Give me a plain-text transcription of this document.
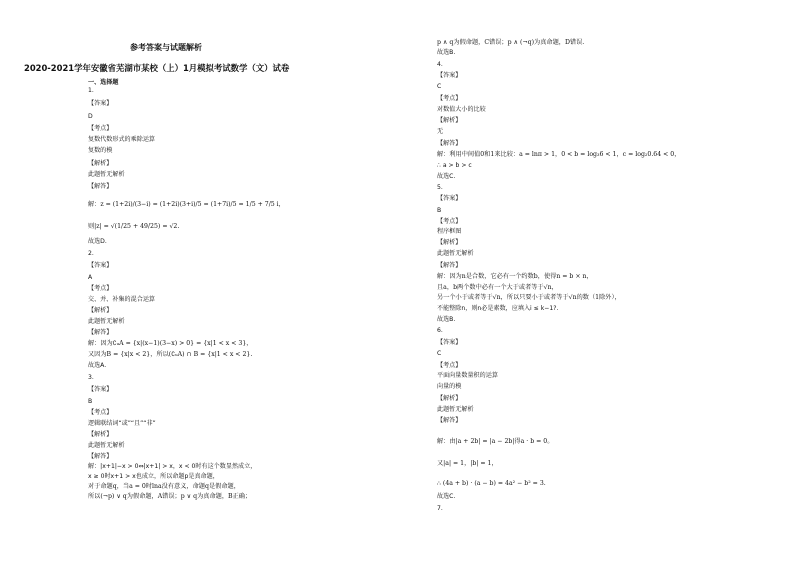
参考答案与试题解析
2020-2021学年安徽省芜湖市某校（上）1月模拟考试数学（文）试卷
一、选择题
1.
【答案】
D
【考点】
复数代数形式的乘除运算
复数的模
【解析】
此题暂无解析
【解答】
解：z = (1+2i)/(3−i) = (1+2i)(3+i)/5 = (1+7i)/5 = 1/5 + 7/5 i，
则|z| = √(1/25 + 49/25) = √2.
故选D.
2.
【答案】
A
【考点】
交、并、补集的混合运算
【解析】
此题暂无解析
【解答】
解：因为∁ᵤA = {x|(x−1)(3−x) > 0} = {x|1 < x < 3}，
又因为B = {x|x < 2}，所以(∁ᵤA) ∩ B = {x|1 < x < 2}.
故选A.
3.
【答案】
B
【考点】
逻辑联结词“或”“且”“非”
【解析】
此题暂无解析
【解答】
解：|x+1|−x > 0⇔|x+1| > x，x < 0时有这个数显然成立，
x ≥ 0时x+1 > x也成立，所以命题p是真命题，
对于命题q，当a = 0时lna没有意义，命题q是假命题，
所以(¬p) ∨ q为假命题，A错误；p ∨ q为真命题，B正确；
p ∧ q为假命题，C错误；p ∧ (¬q)为真命题，D错误.
故选B.
4.
【答案】
C
【考点】
对数值大小的比较
【解析】
无
【解答】
解：利用中间值0和1来比较：a = lnπ > 1，0 < b = log₃6 < 1，c = log₂0.64 < 0，
∴ a > b > c
故选C.
5.
【答案】
B
【考点】
程序框图
【解析】
此题暂无解析
【解答】
解：因为n是合数，它必有一个约数b，使得n = b × n，
且a，b两个数中必有一个大于或者等于√n，
另一个小于或者等于√n，所以只要小于或者等于√n的数（1除外），
不能整除n，则n必是素数，应填入i ≤ k−1?.
故选B.
6.
【答案】
C
【考点】
平面向量数量积的运算
向量的模
【解析】
此题暂无解析
【解答】
解：由|a + 2b| = |a − 2b|得a · b = 0。
又|a| = 1，|b| = 1，
∴ (4a + b) · (a − b) = 4a² − b² = 3.
故选C.
7.
